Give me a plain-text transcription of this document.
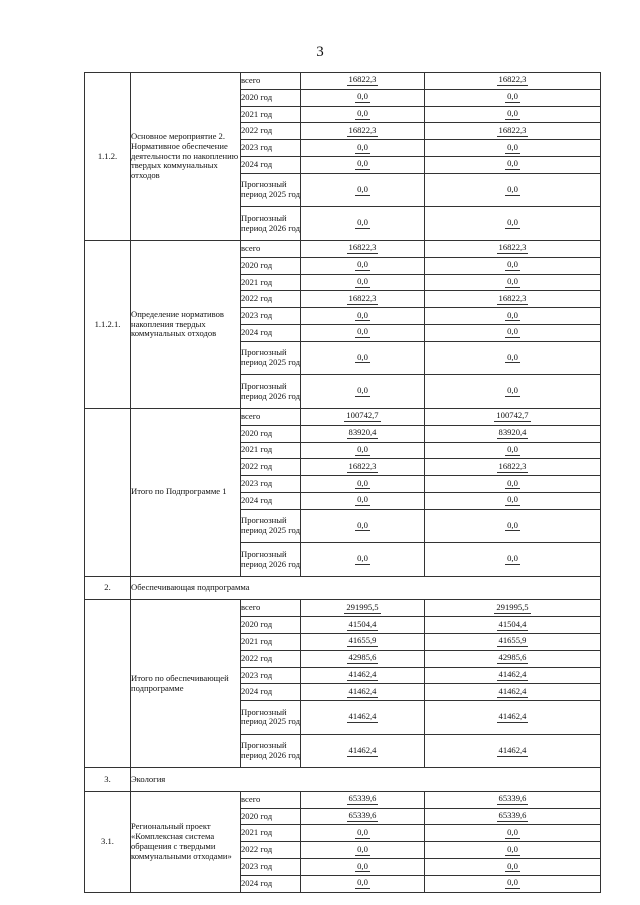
3
1.1.2.	Основное мероприятие 2. Нормативное обеспечение деятельности по накоплению твердых коммунальных отходов	всего	16822,3	16822,3
		2020 год	0,0	0,0
		2021 год	0,0	0,0
		2022 год	16822,3	16822,3
		2023 год	0,0	0,0
		2024 год	0,0	0,0
		Прогнозный период 2025 год	0,0	0,0
		Прогнозный период 2026 год	0,0	0,0
1.1.2.1.	Определение нормативов накопления твердых коммунальных отходов	всего	16822,3	16822,3
		2020 год	0,0	0,0
		2021 год	0,0	0,0
		2022 год	16822,3	16822,3
		2023 год	0,0	0,0
		2024 год	0,0	0,0
		Прогнозный период 2025 год	0,0	0,0
		Прогнозный период 2026 год	0,0	0,0
	Итого по Подпрограмме 1	всего	100742,7	100742,7
		2020 год	83920,4	83920,4
		2021 год	0,0	0,0
		2022 год	16822,3	16822,3
		2023 год	0,0	0,0
		2024 год	0,0	0,0
		Прогнозный период 2025 год	0,0	0,0
		Прогнозный период 2026 год	0,0	0,0
2.	Обеспечивающая подпрограмма			
	Итого по обеспечивающей подпрограмме	всего	291995,5	291995,5
		2020 год	41504,4	41504,4
		2021 год	41655,9	41655,9
		2022 год	42985,6	42985,6
		2023 год	41462,4	41462,4
		2024 год	41462,4	41462,4
		Прогнозный период 2025 год	41462,4	41462,4
		Прогнозный период 2026 год	41462,4	41462,4
3.	Экология			
3.1.	Региональный проект «Комплексная система обращения с твердыми коммунальными отходами»	всего	65339,6	65339,6
		2020 год	65339,6	65339,6
		2021 год	0,0	0,0
		2022 год	0,0	0,0
		2023 год	0,0	0,0
		2024 год	0,0	0,0
